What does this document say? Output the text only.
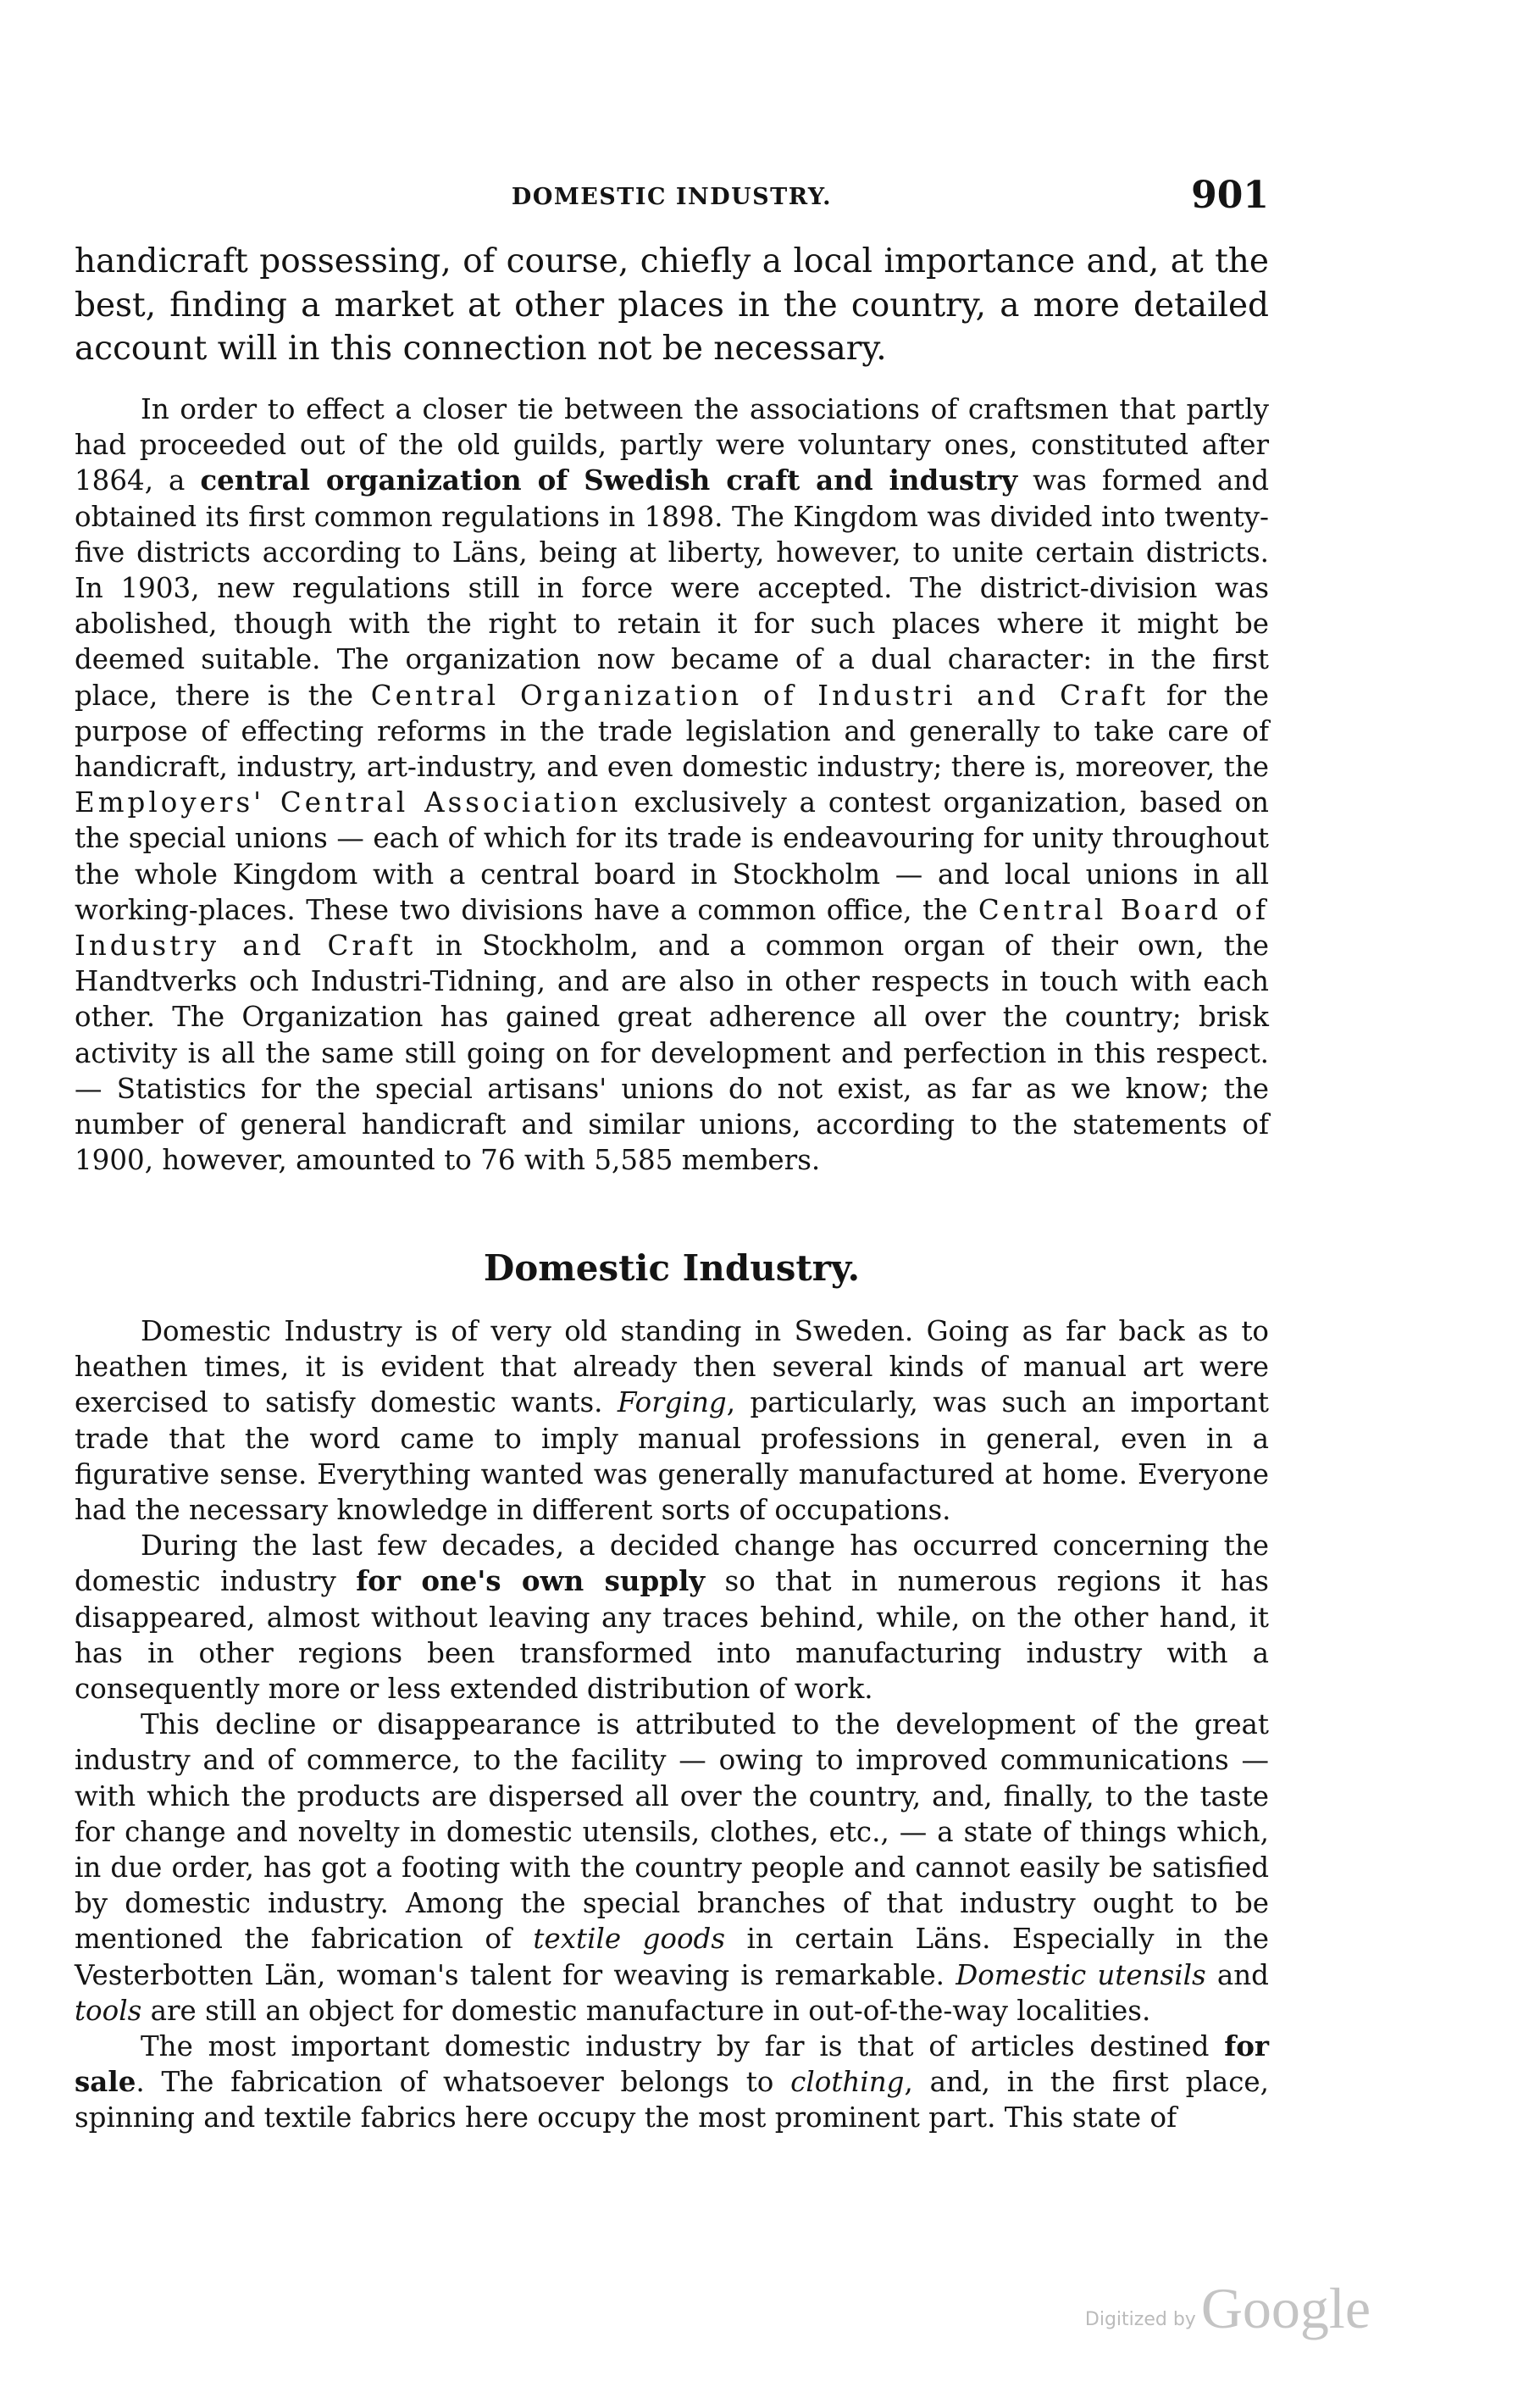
DOMESTIC INDUSTRY.	901

handicraft possessing, of course, chiefly a local importance and, at the best, finding a market at other places in the country, a more detailed account will in this connection not be necessary.

In order to effect a closer tie between the associations of craftsmen that partly had proceeded out of the old guilds, partly were voluntary ones, constituted after 1864, a central organization of Swedish craft and industry was formed and obtained its first common regulations in 1898. The Kingdom was divided into twenty-five districts according to Läns, being at liberty, however, to unite certain districts. In 1903, new regulations still in force were accepted. The district-division was abolished, though with the right to retain it for such places where it might be deemed suitable. The organization now became of a dual character: in the first place, there is the Central Organization of Industri and Craft for the purpose of effecting reforms in the trade legislation and generally to take care of handicraft, industry, art-industry, and even domestic industry; there is, moreover, the Employers' Central Association exclusively a contest organization, based on the special unions — each of which for its trade is endeavouring for unity throughout the whole Kingdom with a central board in Stockholm — and local unions in all working-places. These two divisions have a common office, the Central Board of Industry and Craft in Stockholm, and a common organ of their own, the Handtverks och Industri-Tidning, and are also in other respects in touch with each other. The Organization has gained great adherence all over the country; brisk activity is all the same still going on for development and perfection in this respect. — Statistics for the special artisans' unions do not exist, as far as we know; the number of general handicraft and similar unions, according to the statements of 1900, however, amounted to 76 with 5,585 members.

Domestic Industry.

Domestic Industry is of very old standing in Sweden. Going as far back as to heathen times, it is evident that already then several kinds of manual art were exercised to satisfy domestic wants. Forging, particularly, was such an important trade that the word came to imply manual professions in general, even in a figurative sense. Everything wanted was generally manufactured at home. Everyone had the necessary knowledge in different sorts of occupations.

During the last few decades, a decided change has occurred concerning the domestic industry for one's own supply so that in numerous regions it has disappeared, almost without leaving any traces behind, while, on the other hand, it has in other regions been transformed into manufacturing industry with a consequently more or less extended distribution of work.

This decline or disappearance is attributed to the development of the great industry and of commerce, to the facility — owing to improved communications — with which the products are dispersed all over the country, and, finally, to the taste for change and novelty in domestic utensils, clothes, etc., — a state of things which, in due order, has got a footing with the country people and cannot easily be satisfied by domestic industry. Among the special branches of that industry ought to be mentioned the fabrication of textile goods in certain Läns. Especially in the Vesterbotten Län, woman's talent for weaving is remarkable. Domestic utensils and tools are still an object for domestic manufacture in out-of-the-way localities.

The most important domestic industry by far is that of articles destined for sale. The fabrication of whatsoever belongs to clothing, and, in the first place, spinning and textile fabrics here occupy the most prominent part. This state of

Digitized by Google
